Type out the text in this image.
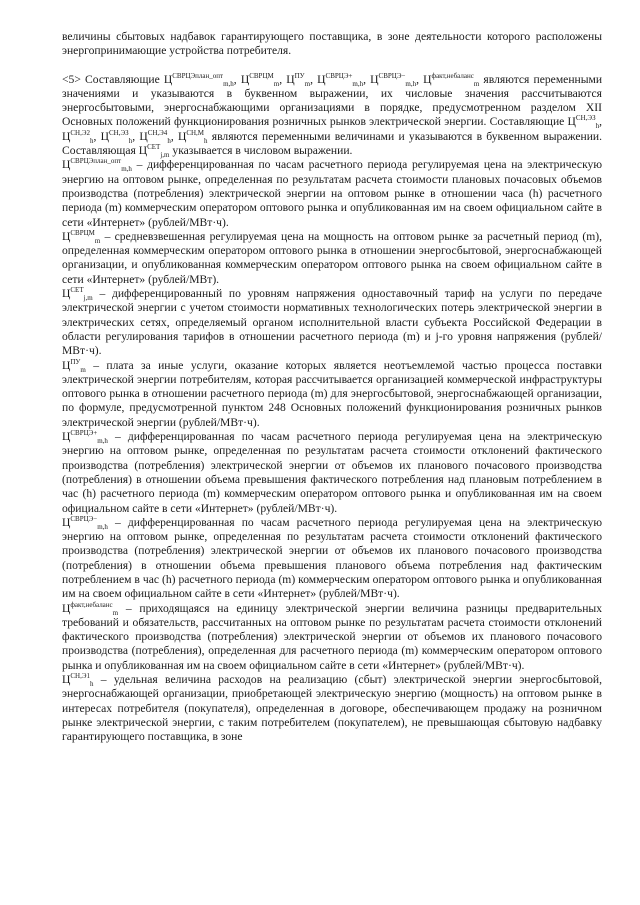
величины сбытовых надбавок гарантирующего поставщика, в зоне деятельности которого расположены энергопринимающие устройства потребителя.

<5> Составляющие $Ц^{СВРЦЭплан\_опт}_{m,h}$, $Ц^{СВРЦМ}_m$, $Ц^{ПУ}_m$, $Ц^{СВРЦЭ+}_{m,h}$, $Ц^{СВРЦЭ-}_{m,h}$, $Ц^{факт,небаланс}_m$ являются переменными значениями и указываются в буквенном выражении, их числовые значения рассчитываются энергосбытовыми, энергоснабжающими организациями в порядке, предусмотренном разделом XII Основных положений функционирования розничных рынков электрической энергии. Составляющие $Ц^{СН,ЭЗ}_h$, $Ц^{СН,Э2}_h$, $Ц^{СН,ЭЗ}_h$, $Ц^{СН,Э4}_h$, $Ц^{СН,М}_h$ являются переменными величинами и указываются в буквенном выражении. Составляющая $Ц^{СЕТ}_{j,m}$ указывается в числовом выражении.

$Ц^{СВРЦЭплан\_опт}_{m,h}$ – дифференцированная по часам расчетного периода регулируемая цена на электрическую энергию на оптовом рынке, определенная по результатам расчета стоимости плановых почасовых объемов производства (потребления) электрической энергии на оптовом рынке в отношении часа (h) расчетного периода (m) коммерческим оператором оптового рынка и опубликованная им на своем официальном сайте в сети «Интернет» (рублей/МВт·ч).

$Ц^{СВРЦМ}_m$ – средневзвешенная регулируемая цена на мощность на оптовом рынке за расчетный период (m), определенная коммерческим оператором оптового рынка в отношении энергосбытовой, энергоснабжающей организации, и опубликованная коммерческим оператором оптового рынка на своем официальном сайте в сети «Интернет» (рублей/МВт).

$Ц^{СЕТ}_{j,m}$ – дифференцированный по уровням напряжения одноставочный тариф на услуги по передаче электрической энергии с учетом стоимости нормативных технологических потерь электрической энергии в электрических сетях, определяемый органом исполнительной власти субъекта Российской Федерации в области регулирования тарифов в отношении расчетного периода (m) и j-го уровня напряжения (рублей/МВт·ч).

$Ц^{ПУ}_m$ – плата за иные услуги, оказание которых является неотъемлемой частью процесса поставки электрической энергии потребителям, которая рассчитывается организацией коммерческой инфраструктуры оптового рынка в отношении расчетного периода (m) для энергосбытовой, энергоснабжающей организации, по формуле, предусмотренной пунктом 248 Основных положений функционирования розничных рынков электрической энергии (рублей/МВт·ч).

$Ц^{СВРЦЭ+}_{m,h}$ – дифференцированная по часам расчетного периода регулируемая цена на электрическую энергию на оптовом рынке, определенная по результатам расчета стоимости отклонений фактического производства (потребления) электрической энергии от объемов их планового почасового производства (потребления) в отношении объема превышения фактического потребления над плановым потреблением в час (h) расчетного периода (m) коммерческим оператором оптового рынка и опубликованная им на своем официальном сайте в сети «Интернет» (рублей/МВт·ч).

$Ц^{СВРЦЭ-}_{m,h}$ – дифференцированная по часам расчетного периода регулируемая цена на электрическую энергию на оптовом рынке, определенная по результатам расчета стоимости отклонений фактического производства (потребления) электрической энергии от объемов их планового почасового производства (потребления) в отношении объема превышения планового объема потребления над фактическим потреблением в час (h) расчетного периода (m) коммерческим оператором оптового рынка и опубликованная им на своем официальном сайте в сети «Интернет» (рублей/МВт·ч).

$Ц^{факт,небаланс}_m$ – приходящаяся на единицу электрической энергии величина разницы предварительных требований и обязательств, рассчитанных на оптовом рынке по результатам расчета стоимости отклонений фактического производства (потребления) электрической энергии от объемов их планового почасового производства (потребления), определенная для расчетного периода (m) коммерческим оператором оптового рынка и опубликованная им на своем официальном сайте в сети «Интернет» (рублей/МВт·ч).

$Ц^{СН,Э1}_h$ – удельная величина расходов на реализацию (сбыт) электрической энергии энергосбытовой, энергоснабжающей организации, приобретающей электрическую энергию (мощность) на оптовом рынке в интересах потребителя (покупателя), определенная в договоре, обеспечивающем продажу на розничном рынке электрической энергии, с таким потребителем (покупателем), не превышающая сбытовую надбавку гарантирующего поставщика, в зоне
